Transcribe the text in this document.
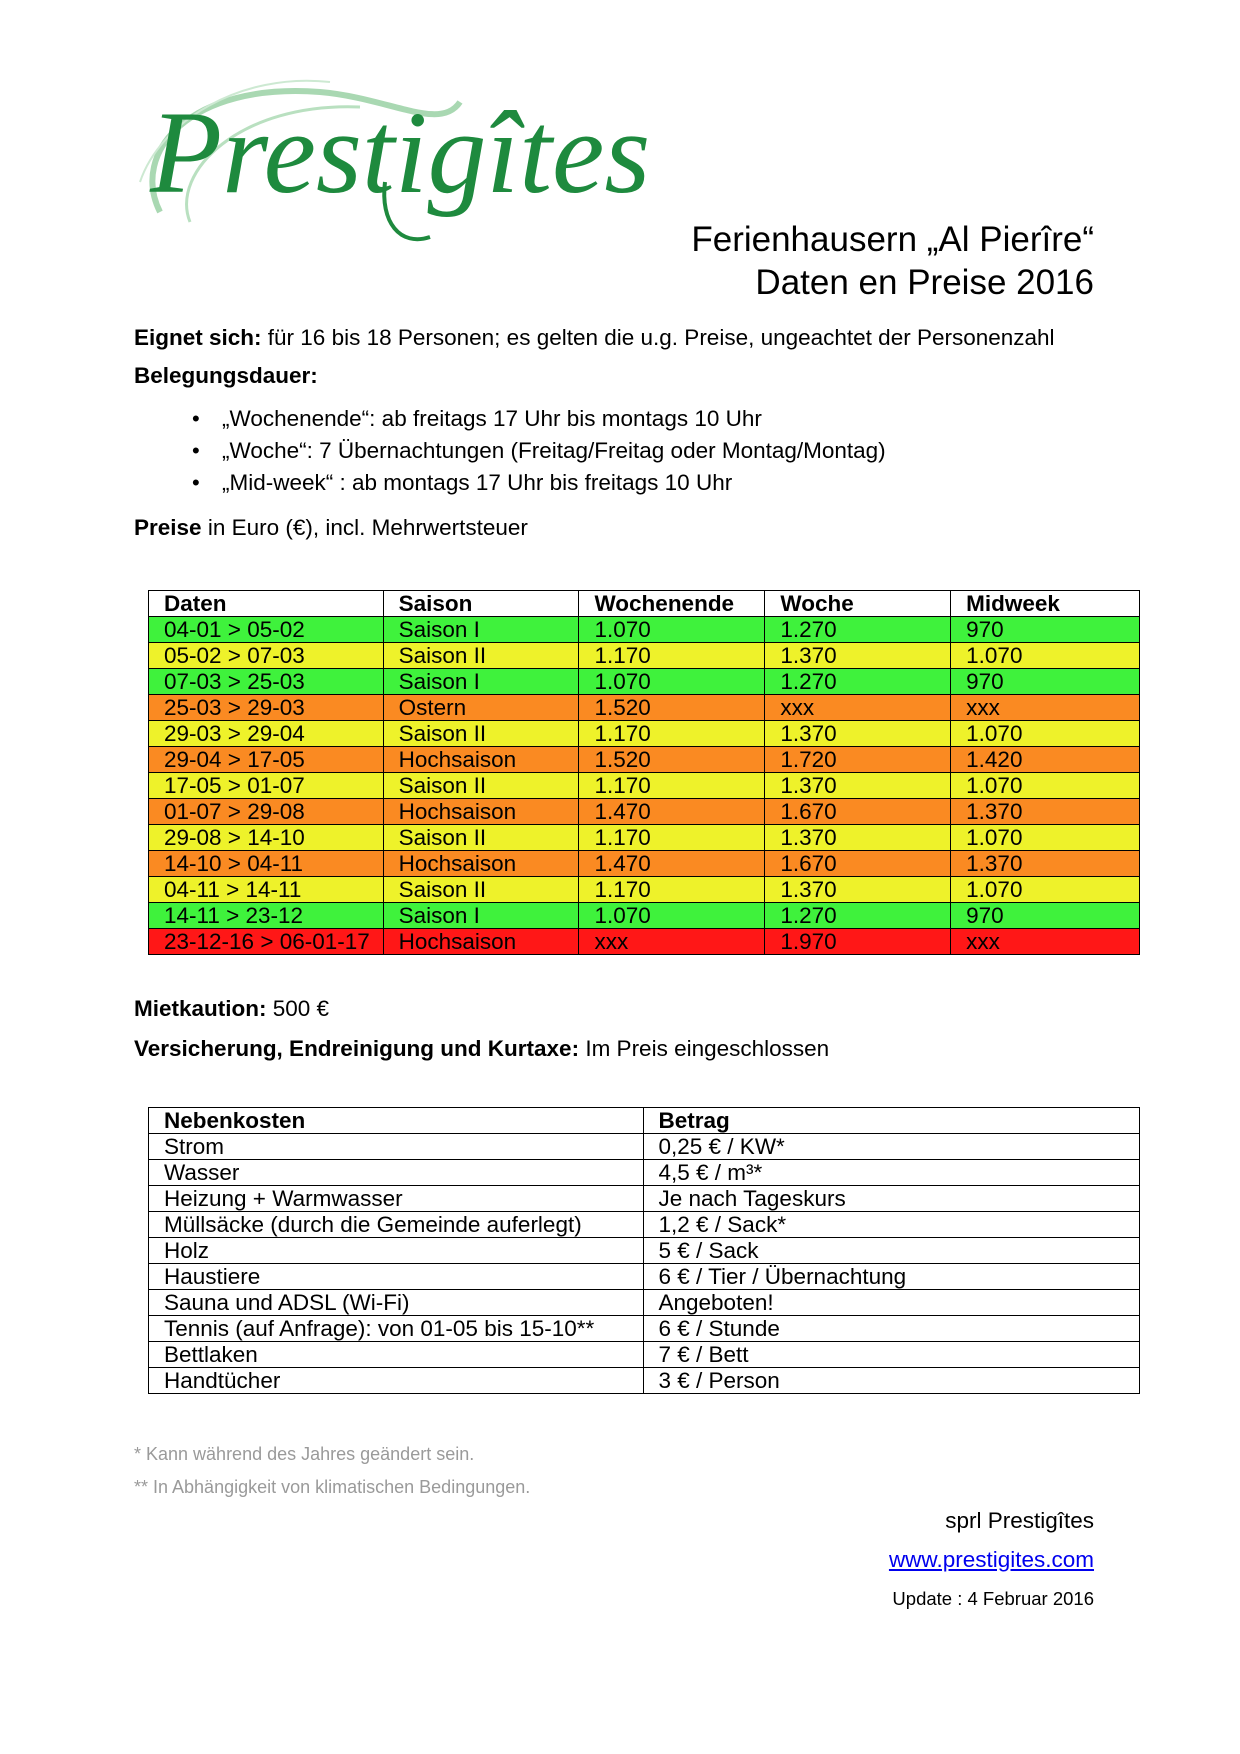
Prestigîtes
Ferienhausern „Al Pierîre“
Daten en Preise 2016

Eignet sich: für 16 bis 18 Personen; es gelten die u.g. Preise, ungeachtet der Personenzahl

Belegungsdauer:

• „Wochenende“: ab freitags 17 Uhr bis montags 10 Uhr
• „Woche“: 7 Übernachtungen (Freitag/Freitag oder Montag/Montag)
• „Mid-week“ : ab montags 17 Uhr bis freitags 10 Uhr

Preise in Euro (€), incl. Mehrwertsteuer

Daten	Saison	Wochenende	Woche	Midweek
04-01 > 05-02	Saison I	1.070	1.270	970
05-02 > 07-03	Saison II	1.170	1.370	1.070
07-03 > 25-03	Saison I	1.070	1.270	970
25-03 > 29-03	Ostern	1.520	xxx	xxx
29-03 > 29-04	Saison II	1.170	1.370	1.070
29-04 > 17-05	Hochsaison	1.520	1.720	1.420
17-05 > 01-07	Saison II	1.170	1.370	1.070
01-07 > 29-08	Hochsaison	1.470	1.670	1.370
29-08 > 14-10	Saison II	1.170	1.370	1.070
14-10 > 04-11	Hochsaison	1.470	1.670	1.370
04-11 > 14-11	Saison II	1.170	1.370	1.070
14-11 > 23-12	Saison I	1.070	1.270	970
23-12-16 > 06-01-17	Hochsaison	xxx	1.970	xxx
Mietkaution: 500 €
Versicherung, Endreinigung und Kurtaxe: Im Preis eingeschlossen
Nebenkosten	Betrag
Strom	0,25 € / KW*
Wasser	4,5 € / m³*
Heizung + Warmwasser	Je nach Tageskurs
Müllsäcke (durch die Gemeinde auferlegt)	1,2 € / Sack*
Holz	5 € / Sack
Haustiere	6 € / Tier / Übernachtung
Sauna und ADSL (Wi-Fi)	Angeboten!
Tennis (auf Anfrage): von 01-05 bis 15-10**	6 € / Stunde
Bettlaken	7 € / Bett
Handtücher	3 € / Person
* Kann während des Jahres geändert sein.
** In Abhängigkeit von klimatischen Bedingungen.
sprl Prestigîtes
www.prestigites.com
Update : 4 Februar 2016
